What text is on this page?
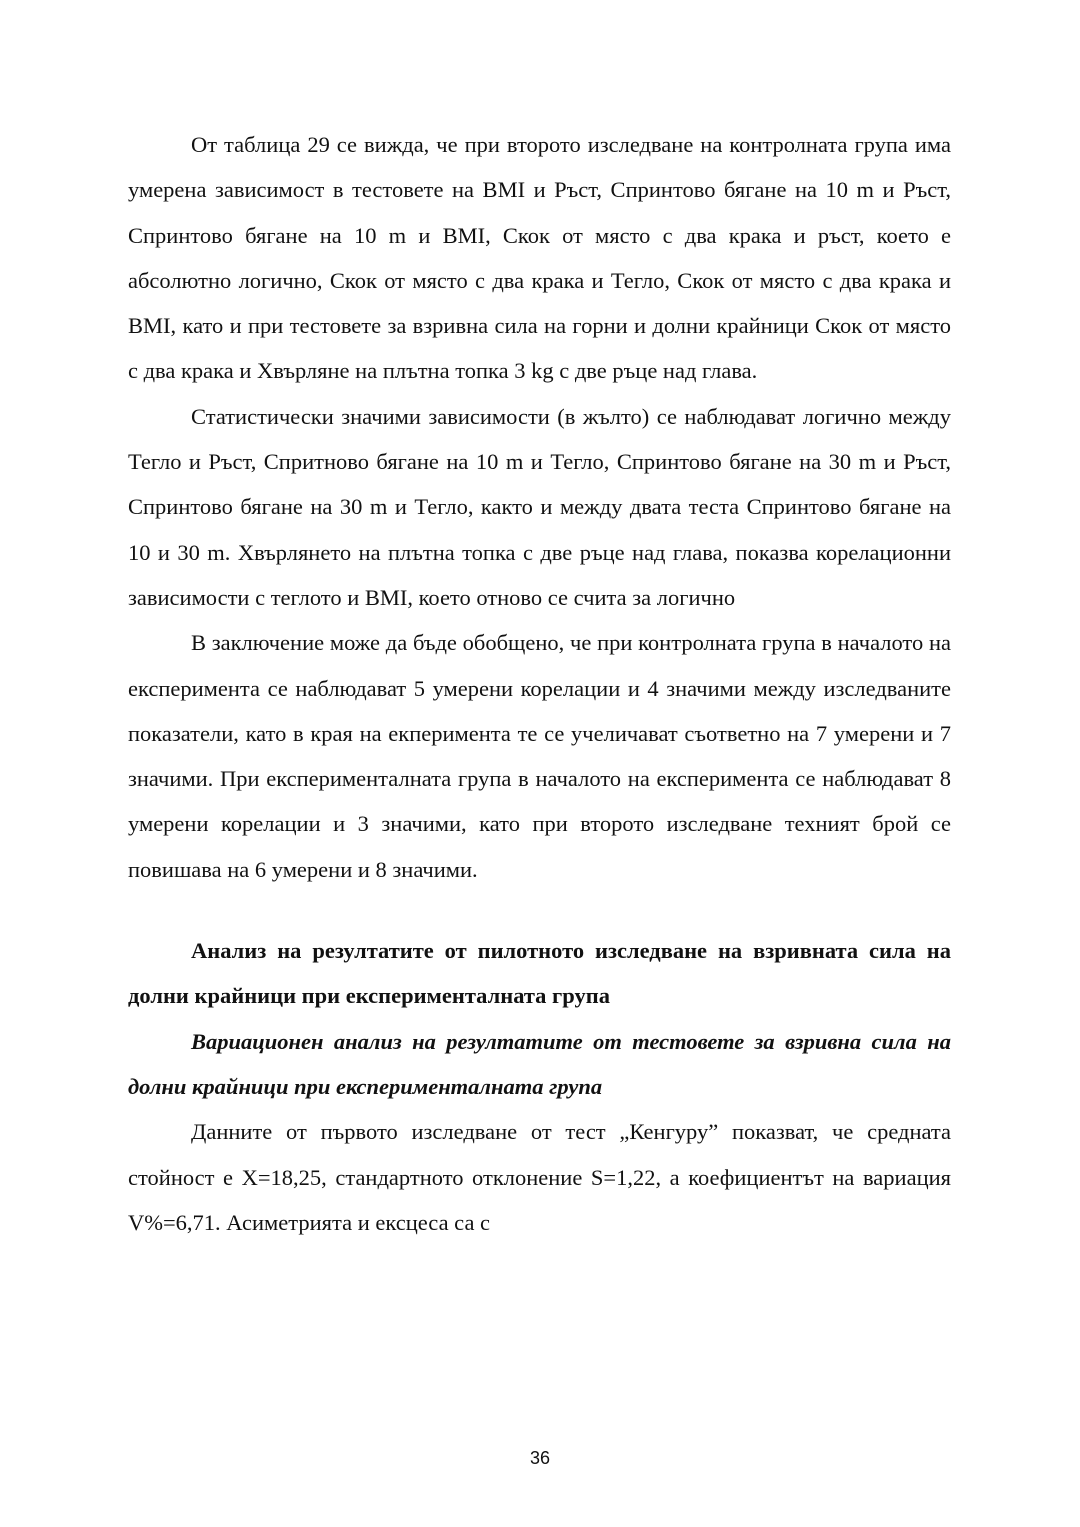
От таблица 29 се вижда, че при второто изследване на контролната група има умерена зависимост в тестовете на BMI и Ръст, Спринтово бягане на 10 m и Ръст, Спринтово бягане на 10 m и BMI, Скок от място с два крака и ръст, което е абсолютно логично, Скок от място с два крака и Тегло, Скок от място с два крака и BMI, като и при тестовете за взривна сила на горни и долни крайници Скок от място с два крака и Хвърляне на плътна топка 3 kg с две ръце над глава.

Статистически значими зависимости (в жълто) се наблюдават логично между Тегло и Ръст, Спритново бягане на 10 m и Тегло, Спринтово бягане на 30 m и Ръст, Спринтово бягане на 30 m и Тегло, както и между двата теста Спринтово бягане на 10 и 30 m. Хвърлянето на плътна топка с две ръце над глава, показва корелационни зависимости с теглото и BMI, което отново се счита за логично

В заключение може да бъде обобщено, че при контролната група в началото на експеримента се наблюдават 5 умерени корелации и 4 значими между изследваните показатели, като в края на екперимента те се учеличават съответно на 7 умерени и 7 значими. При експерименталната група в началото на експеримента се наблюдават 8 умерени корелации и 3 значими, като при второто изследване техният брой се повишава на 6 умерени и 8 значими.

Анализ на резултатите от пилотното изследване на взривната сила на долни крайници при експерименталната група

Вариационен анализ на резултатите от тестовете за взривна сила на долни крайници при експерименталната група

Данните от първото изследване от тест „Кенгуру” показват, че средната стойност е X=18,25, стандартното отклонение S=1,22, а коефициентът на вариация V%=6,71. Асиметрията и ексцеса са с

36
